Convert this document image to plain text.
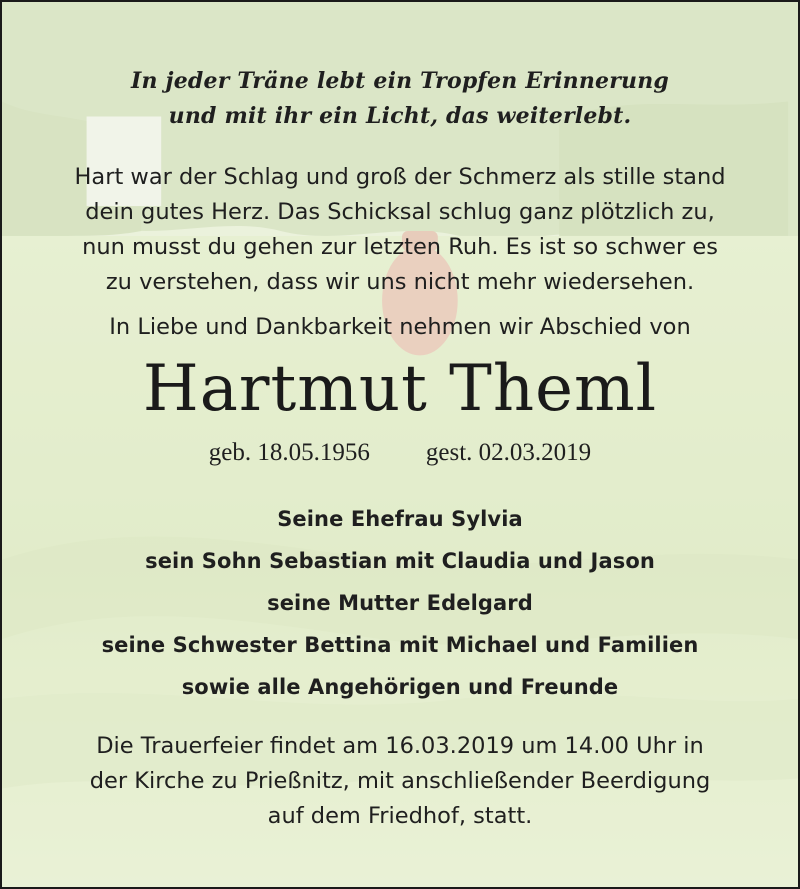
In jeder Träne lebt ein Tropfen Erinnerung
und mit ihr ein Licht, das weiterlebt.
Hart war der Schlag und groß der Schmerz als stille stand
dein gutes Herz. Das Schicksal schlug ganz plötzlich zu,
nun musst du gehen zur letzten Ruh. Es ist so schwer es
zu verstehen, dass wir uns nicht mehr wiedersehen.
In Liebe und Dankbarkeit nehmen wir Abschied von
Hartmut Theml
geb. 18.05.1956 gest. 02.03.2019
Seine Ehefrau Sylvia
sein Sohn Sebastian mit Claudia und Jason
seine Mutter Edelgard
seine Schwester Bettina mit Michael und Familien
sowie alle Angehörigen und Freunde
Die Trauerfeier findet am 16.03.2019 um 14.00 Uhr in
der Kirche zu Prießnitz, mit anschließender Beerdigung
auf dem Friedhof, statt.
